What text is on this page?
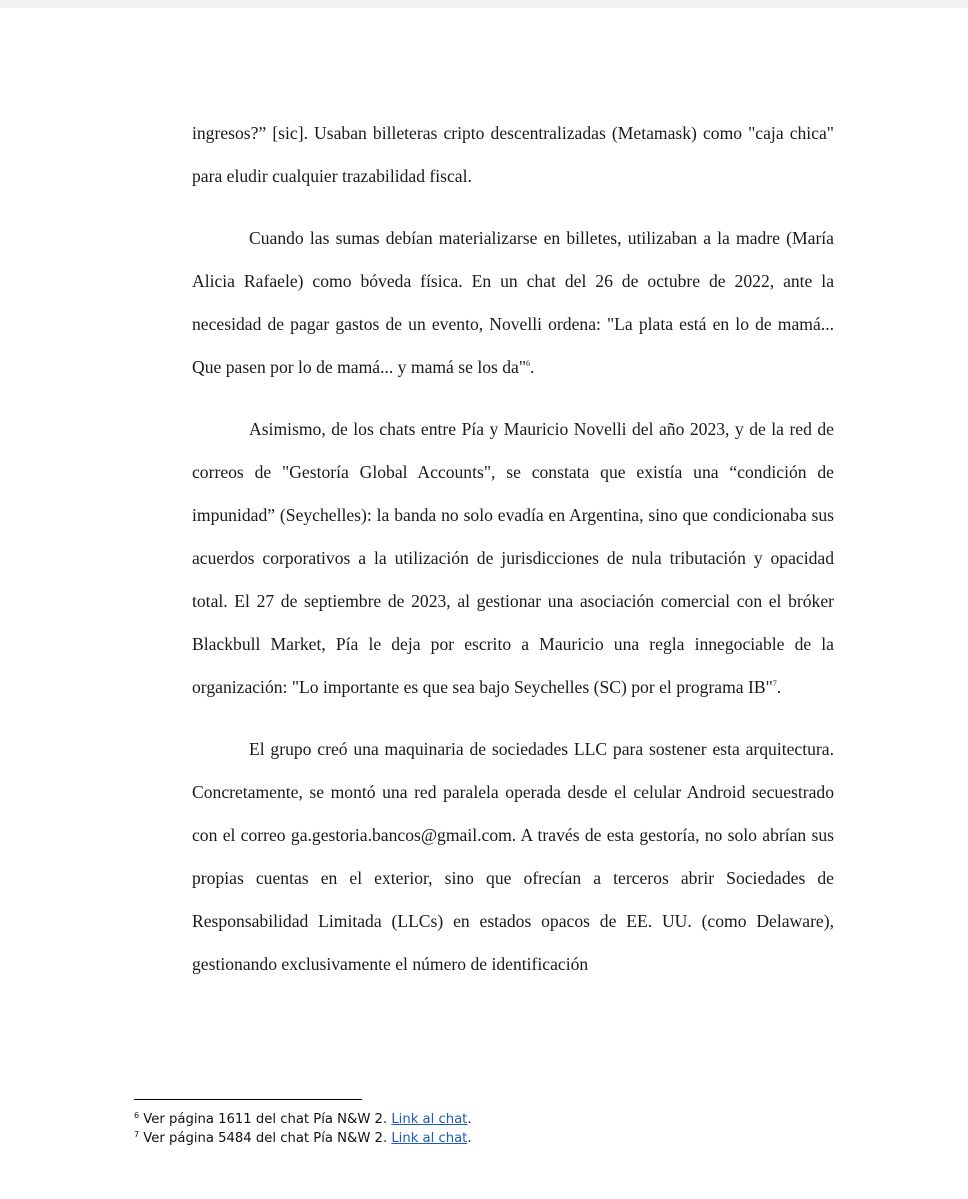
ingresos?” [sic]. Usaban billeteras cripto descentralizadas (Metamask) como "caja chica" para eludir cualquier trazabilidad fiscal.

Cuando las sumas debían materializarse en billetes, utilizaban a la madre (María Alicia Rafaele) como bóveda física. En un chat del 26 de octubre de 2022, ante la necesidad de pagar gastos de un evento, Novelli ordena: "La plata está en lo de mamá... Que pasen por lo de mamá... y mamá se los da"$^6$.

Asimismo, de los chats entre Pía y Mauricio Novelli del año 2023, y de la red de correos de "Gestoría Global Accounts", se constata que existía una “condición de impunidad” (Seychelles): la banda no solo evadía en Argentina, sino que condicionaba sus acuerdos corporativos a la utilización de jurisdicciones de nula tributación y opacidad total. El 27 de septiembre de 2023, al gestionar una asociación comercial con el bróker Blackbull Market, Pía le deja por escrito a Mauricio una regla innegociable de la organización: "Lo importante es que sea bajo Seychelles (SC) por el programa IB"$^7$.

El grupo creó una maquinaria de sociedades LLC para sostener esta arquitectura. Concretamente, se montó una red paralela operada desde el celular Android secuestrado con el correo ga.gestoria.bancos@gmail.com. A través de esta gestoría, no solo abrían sus propias cuentas en el exterior, sino que ofrecían a terceros abrir Sociedades de Responsabilidad Limitada (LLCs) en estados opacos de EE. UU. (como Delaware), gestionando exclusivamente el número de identificación

$^6$ Ver página 1611 del chat Pía N&W 2. Link al chat.

$^7$ Ver página 5484 del chat Pía N&W 2. Link al chat.
